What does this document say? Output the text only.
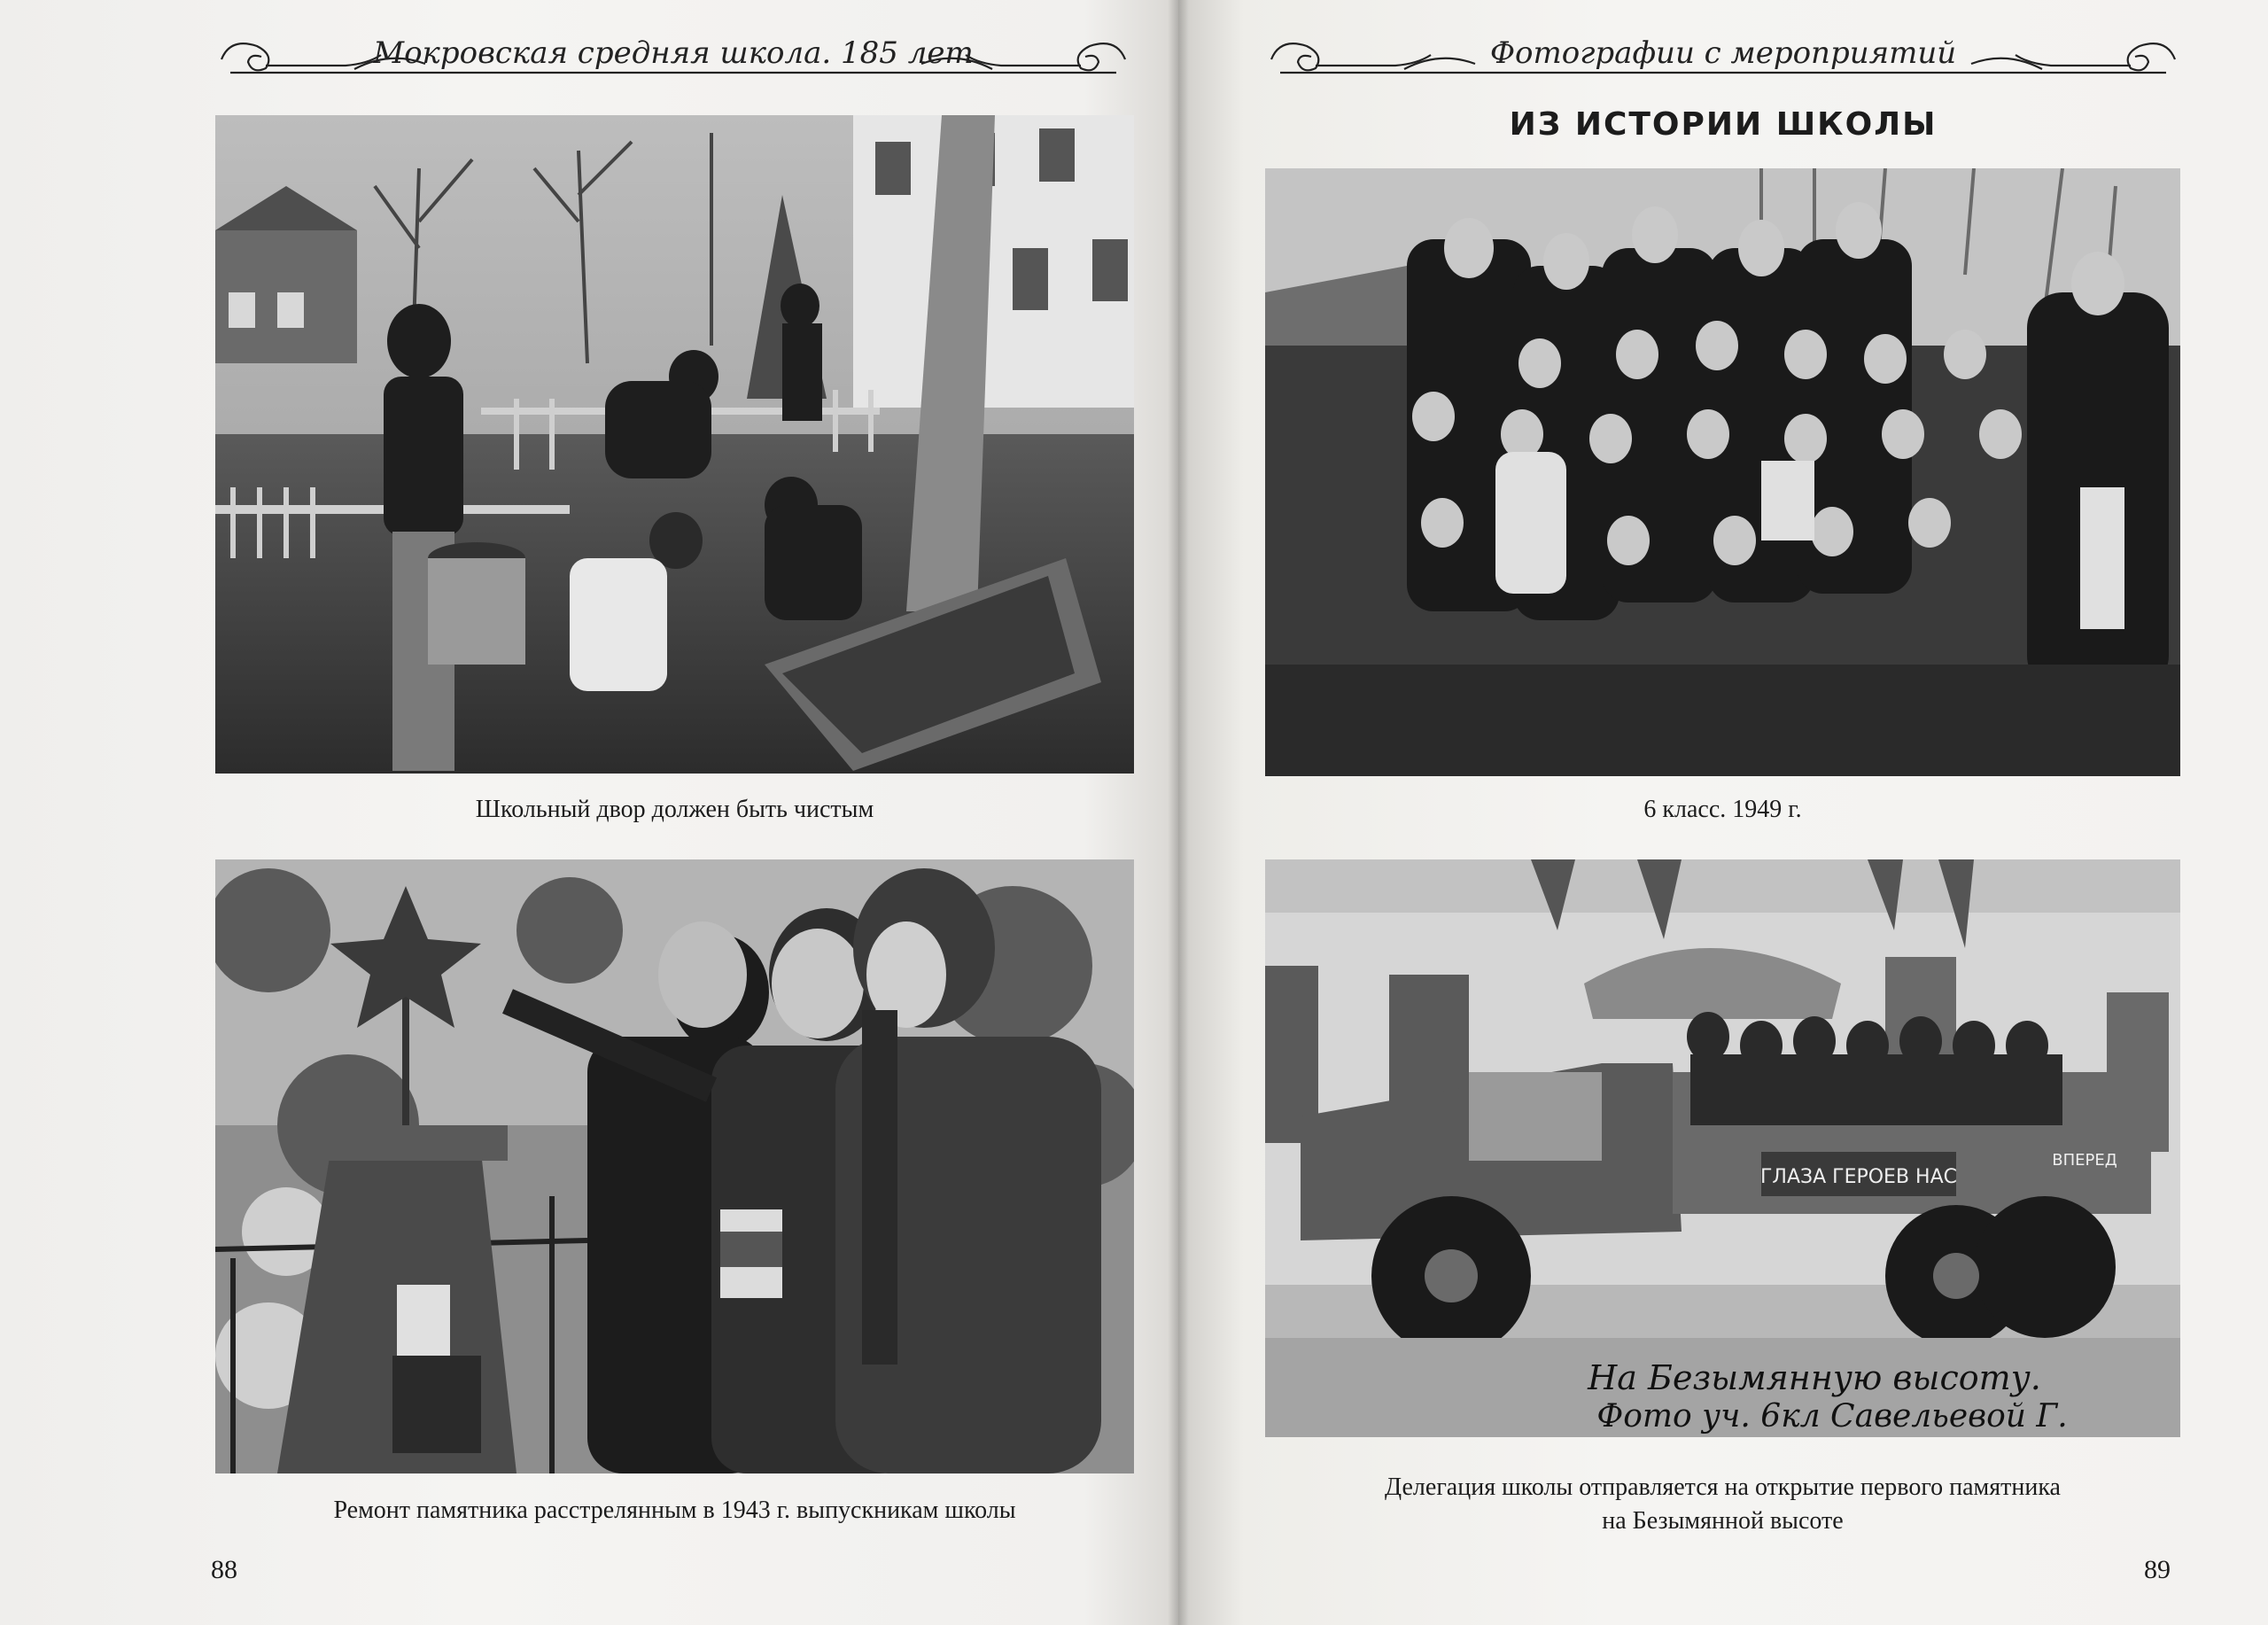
Мокровская средняя школа. 185 лет	Фотографии с мероприятий
ИЗ ИСТОРИИ ШКОЛЫ
Школьный двор должен быть чистым
Ремонт памятника расстрелянным в 1943 г. выпускникам школы
88
6 класс. 1949 г.
ГЛАЗА ГЕРОЕВ НАС
ВПЕРЕД
На Безымянную высоту.
Фото уч. 6кл Савельевой Г.
Делегация школы отправляется на открытие первого памятника
на Безымянной высоте
89
